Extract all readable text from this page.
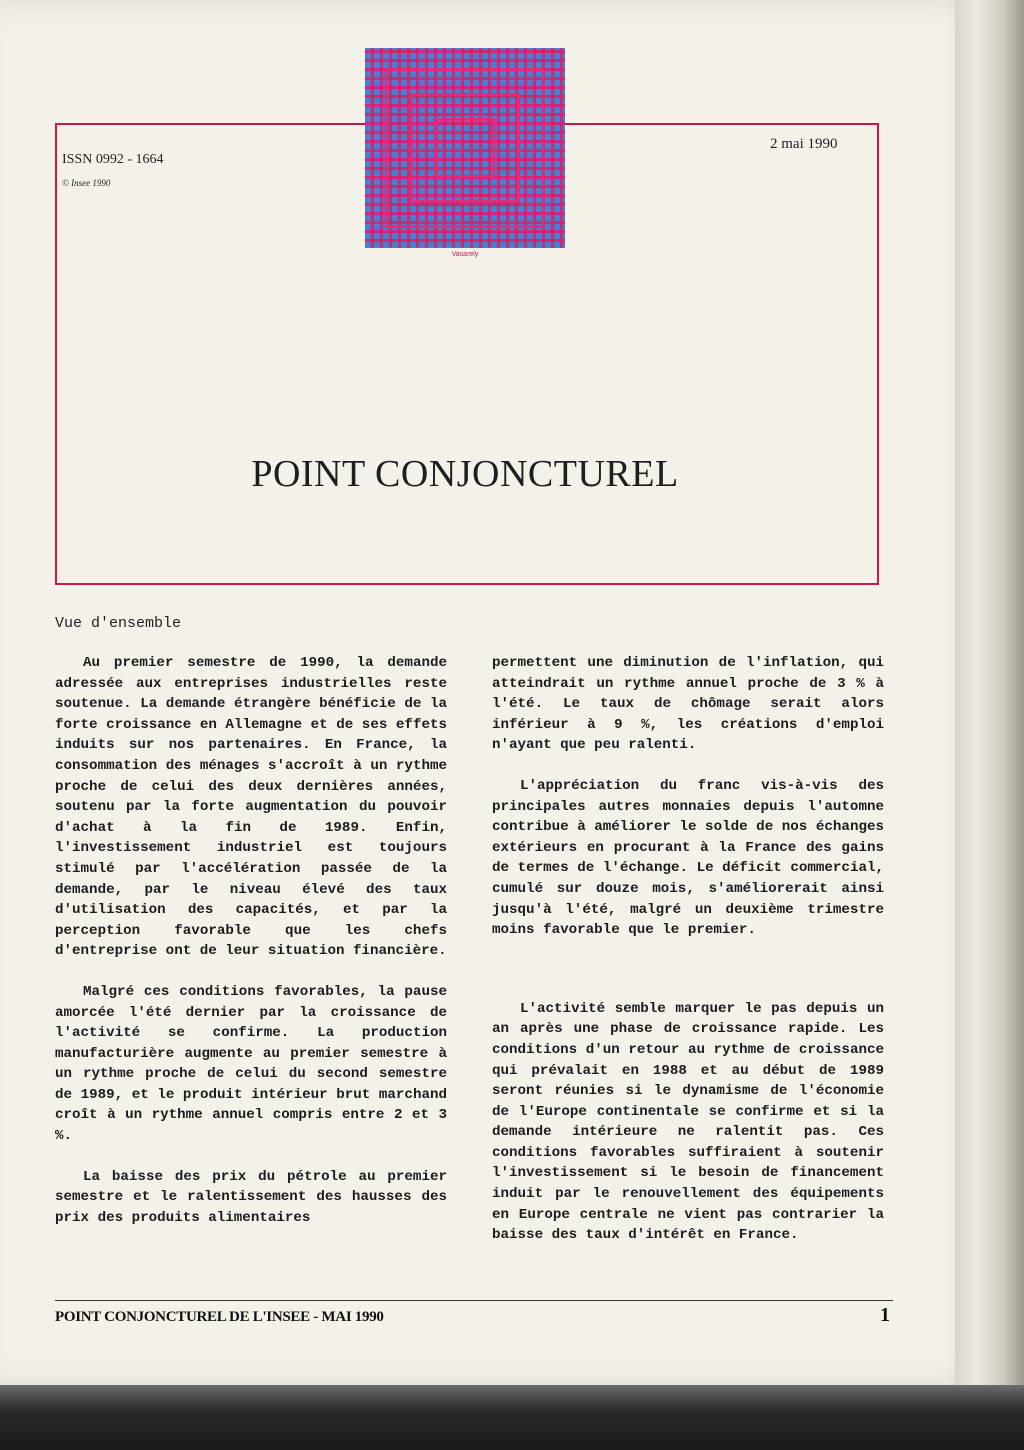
Vasarely
ISSN 0992 - 1664
© Insee 1990
2 mai 1990
POINT CONJONCTUREL
Vue d'ensemble

Au premier semestre de 1990, la demande adressée aux entreprises industrielles reste soutenue. La demande étrangère bénéficie de la forte croissance en Allemagne et de ses effets induits sur nos partenaires. En France, la consommation des ménages s'accroît à un rythme proche de celui des deux dernières années, soutenu par la forte augmentation du pouvoir d'achat à la fin de 1989. Enfin, l'investissement industriel est toujours stimulé par l'accélération passée de la demande, par le niveau élevé des taux d'utilisation des capacités, et par la perception favorable que les chefs d'entreprise ont de leur situation financière.

Malgré ces conditions favorables, la pause amorcée l'été dernier par la croissance de l'activité se confirme. La production manufacturière augmente au premier semestre à un rythme proche de celui du second semestre de 1989, et le produit intérieur brut marchand croît à un rythme annuel compris entre 2 et 3 %.

La baisse des prix du pétrole au premier semestre et le ralentissement des hausses des prix des produits alimentaires

permettent une diminution de l'inflation, qui atteindrait un rythme annuel proche de 3 % à l'été. Le taux de chômage serait alors inférieur à 9 %, les créations d'emploi n'ayant que peu ralenti.

L'appréciation du franc vis-à-vis des principales autres monnaies depuis l'automne contribue à améliorer le solde de nos échanges extérieurs en procurant à la France des gains de termes de l'échange. Le déficit commercial, cumulé sur douze mois, s'améliorerait ainsi jusqu'à l'été, malgré un deuxième trimestre moins favorable que le premier.

L'activité semble marquer le pas depuis un an après une phase de croissance rapide. Les conditions d'un retour au rythme de croissance qui prévalait en 1988 et au début de 1989 seront réunies si le dynamisme de l'économie de l'Europe continentale se confirme et si la demande intérieure ne ralentit pas. Ces conditions favorables suffiraient à soutenir l'investissement si le besoin de financement induit par le renouvellement des équipements en Europe centrale ne vient pas contrarier la baisse des taux d'intérêt en France.

POINT CONJONCTUREL DE L'INSEE - MAI 1990	1
